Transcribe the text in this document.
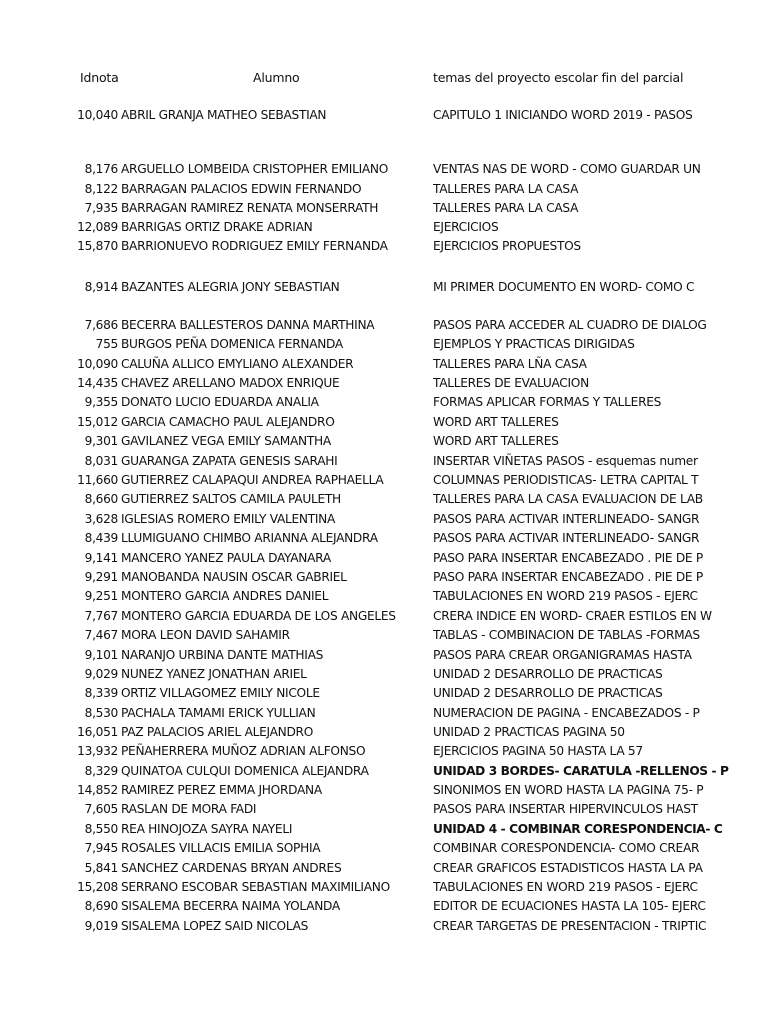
Idnota	Alumno	temas del proyecto escolar fin del parcial
10,040 ABRIL GRANJA MATHEO SEBASTIAN	CAPITULO 1 INICIANDO WORD 2019 - PASOS
8,176 ARGUELLO LOMBEIDA CRISTOPHER EMILIANO	VENTAS NAS DE WORD - COMO GUARDAR UN
8,122 BARRAGAN PALACIOS EDWIN FERNANDO	TALLERES PARA LA CASA
7,935 BARRAGAN RAMIREZ RENATA MONSERRATH	TALLERES PARA LA CASA
12,089 BARRIGAS ORTIZ DRAKE ADRIAN	EJERCICIOS
15,870 BARRIONUEVO RODRIGUEZ EMILY FERNANDA	EJERCICIOS PROPUESTOS
8,914 BAZANTES ALEGRIA JONY SEBASTIAN	MI PRIMER DOCUMENTO EN WORD- COMO C
7,686 BECERRA BALLESTEROS DANNA MARTHINA	PASOS PARA ACCEDER AL CUADRO DE DIALOG
755 BURGOS PEÑA DOMENICA FERNANDA	EJEMPLOS Y PRACTICAS DIRIGIDAS
10,090 CALUÑA ALLICO EMYLIANO ALEXANDER	TALLERES PARA LÑA CASA
14,435 CHAVEZ ARELLANO MADOX ENRIQUE	TALLERES DE EVALUACION
9,355 DONATO LUCIO EDUARDA ANALIA	FORMAS APLICAR FORMAS Y TALLERES
15,012 GARCIA CAMACHO PAUL ALEJANDRO	WORD ART TALLERES
9,301 GAVILANEZ VEGA EMILY SAMANTHA	WORD ART TALLERES
8,031 GUARANGA ZAPATA GENESIS SARAHI	INSERTAR VIÑETAS PASOS - esquemas numer
11,660 GUTIERREZ CALAPAQUI ANDREA RAPHAELLA	COLUMNAS PERIODISTICAS- LETRA CAPITAL T
8,660 GUTIERREZ SALTOS CAMILA PAULETH	TALLERES PARA LA CASA EVALUACION DE LAB
3,628 IGLESIAS ROMERO EMILY VALENTINA	PASOS PARA ACTIVAR INTERLINEADO- SANGR
8,439 LLUMIGUANO CHIMBO ARIANNA ALEJANDRA	PASOS PARA ACTIVAR INTERLINEADO- SANGR
9,141 MANCERO YANEZ PAULA DAYANARA	PASO PARA INSERTAR ENCABEZADO . PIE DE P
9,291 MANOBANDA NAUSIN OSCAR GABRIEL	PASO PARA INSERTAR ENCABEZADO . PIE DE P
9,251 MONTERO GARCIA ANDRES DANIEL	TABULACIONES EN WORD 219 PASOS - EJERC
7,767 MONTERO GARCIA EDUARDA DE LOS ANGELES	CRERA INDICE EN WORD- CRAER ESTILOS EN W
7,467 MORA LEON DAVID SAHAMIR	TABLAS - COMBINACION DE TABLAS -FORMAS
9,101 NARANJO URBINA DANTE MATHIAS	PASOS PARA CREAR ORGANIGRAMAS HASTA
9,029 NUNEZ YANEZ JONATHAN ARIEL	UNIDAD 2 DESARROLLO DE PRACTICAS
8,339 ORTIZ VILLAGOMEZ EMILY NICOLE	UNIDAD 2 DESARROLLO DE PRACTICAS
8,530 PACHALA TAMAMI ERICK YULLIAN	NUMERACION DE PAGINA - ENCABEZADOS - P
16,051 PAZ PALACIOS ARIEL ALEJANDRO	UNIDAD 2 PRACTICAS PAGINA 50
13,932 PEÑAHERRERA MUÑOZ ADRIAN ALFONSO	EJERCICIOS PAGINA 50 HASTA LA 57
8,329 QUINATOA CULQUI DOMENICA ALEJANDRA	UNIDAD 3 BORDES- CARATULA -RELLENOS - P
14,852 RAMIREZ PEREZ EMMA JHORDANA	SINONIMOS EN WORD HASTA LA PAGINA 75- P
7,605 RASLAN DE MORA FADI	PASOS PARA INSERTAR HIPERVINCULOS HAST
8,550 REA HINOJOZA SAYRA NAYELI	UNIDAD 4 - COMBINAR CORESPONDENCIA- C
7,945 ROSALES VILLACIS EMILIA SOPHIA	COMBINAR CORESPONDENCIA- COMO CREAR
5,841 SANCHEZ CARDENAS BRYAN ANDRES	CREAR GRAFICOS ESTADISTICOS HASTA LA PA
15,208 SERRANO ESCOBAR SEBASTIAN MAXIMILIANO	TABULACIONES EN WORD 219 PASOS - EJERC
8,690 SISALEMA BECERRA NAIMA YOLANDA	EDITOR DE ECUACIONES HASTA LA 105- EJERC
9,019 SISALEMA LOPEZ SAID NICOLAS	CREAR TARGETAS DE PRESENTACION - TRIPTIC
